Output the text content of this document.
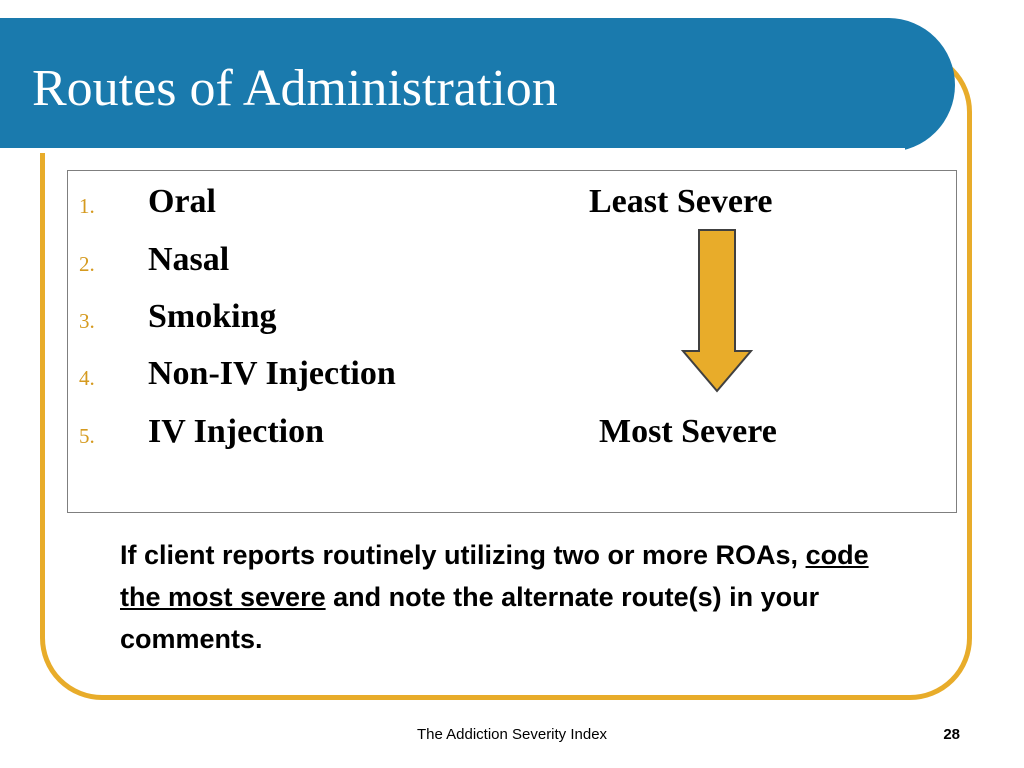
Routes of Administration
1. Oral
2. Nasal
3. Smoking
4. Non-IV Injection
5. IV Injection
Least Severe
Most Severe

If client reports routinely utilizing two or more ROAs, code the most severe and note the alternate route(s) in your comments.

The Addiction Severity Index	28
